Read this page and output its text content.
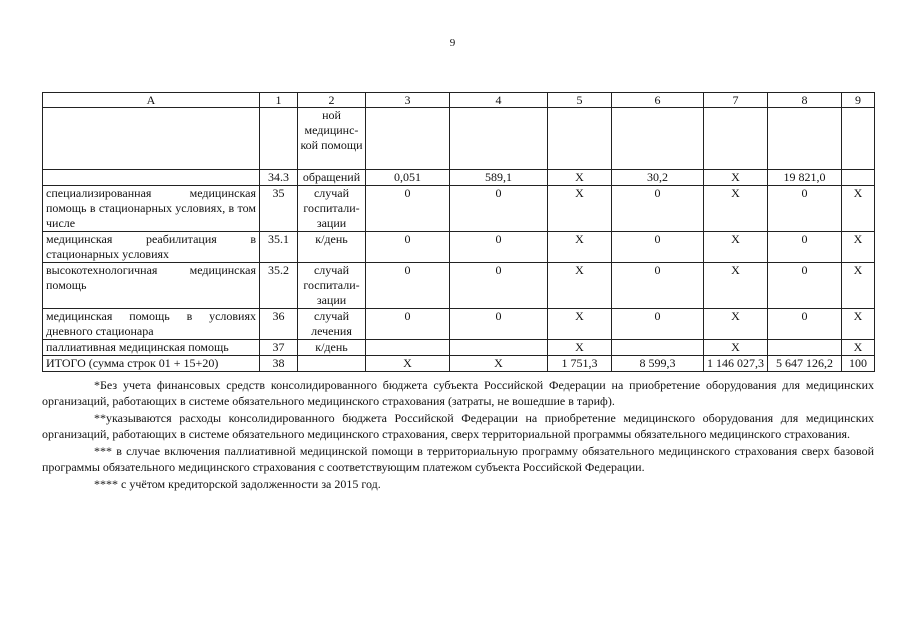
9
А	1	2	3	4	5	6	7	8	9
		ной медицинс-кой помощи							
	34.3	обращений	0,051	589,1	X	30,2	X	19 821,0	
специализированная медицинская помощь в стационарных условиях, в том числе	35	случай госпитали-зации	0	0	X	0	X	0	X
медицинская реабилитация в стационарных условиях	35.1	к/день	0	0	X	0	X	0	X
высокотехнологичная медицинская помощь	35.2	случай госпитали-зации	0	0	X	0	X	0	X
медицинская помощь в условиях дневного стационара	36	случай лечения	0	0	X	0	X	0	X
паллиативная медицинская помощь	37	к/день			X		X		X
ИТОГО (сумма строк 01 + 15+20)	38		X	X	1 751,3	8 599,3	1 146 027,3	5 647 126,2	100

*Без учета финансовых средств консолидированного бюджета субъекта Российской Федерации на приобретение оборудования для медицинских организаций, работающих в системе обязательного медицинского страхования (затраты, не вошедшие в тариф).

**указываются расходы консолидированного бюджета Российской Федерации на приобретение медицинского оборудования для медицинских организаций, работающих в системе обязательного медицинского страхования, сверх территориальной программы обязательного медицинского страхования.

*** в случае включения паллиативной медицинской помощи в территориальную программу обязательного медицинского страхования сверх базовой программы обязательного медицинского страхования с соответствующим платежом субъекта Российской Федерации.

**** с учётом кредиторской задолженности за 2015 год.
